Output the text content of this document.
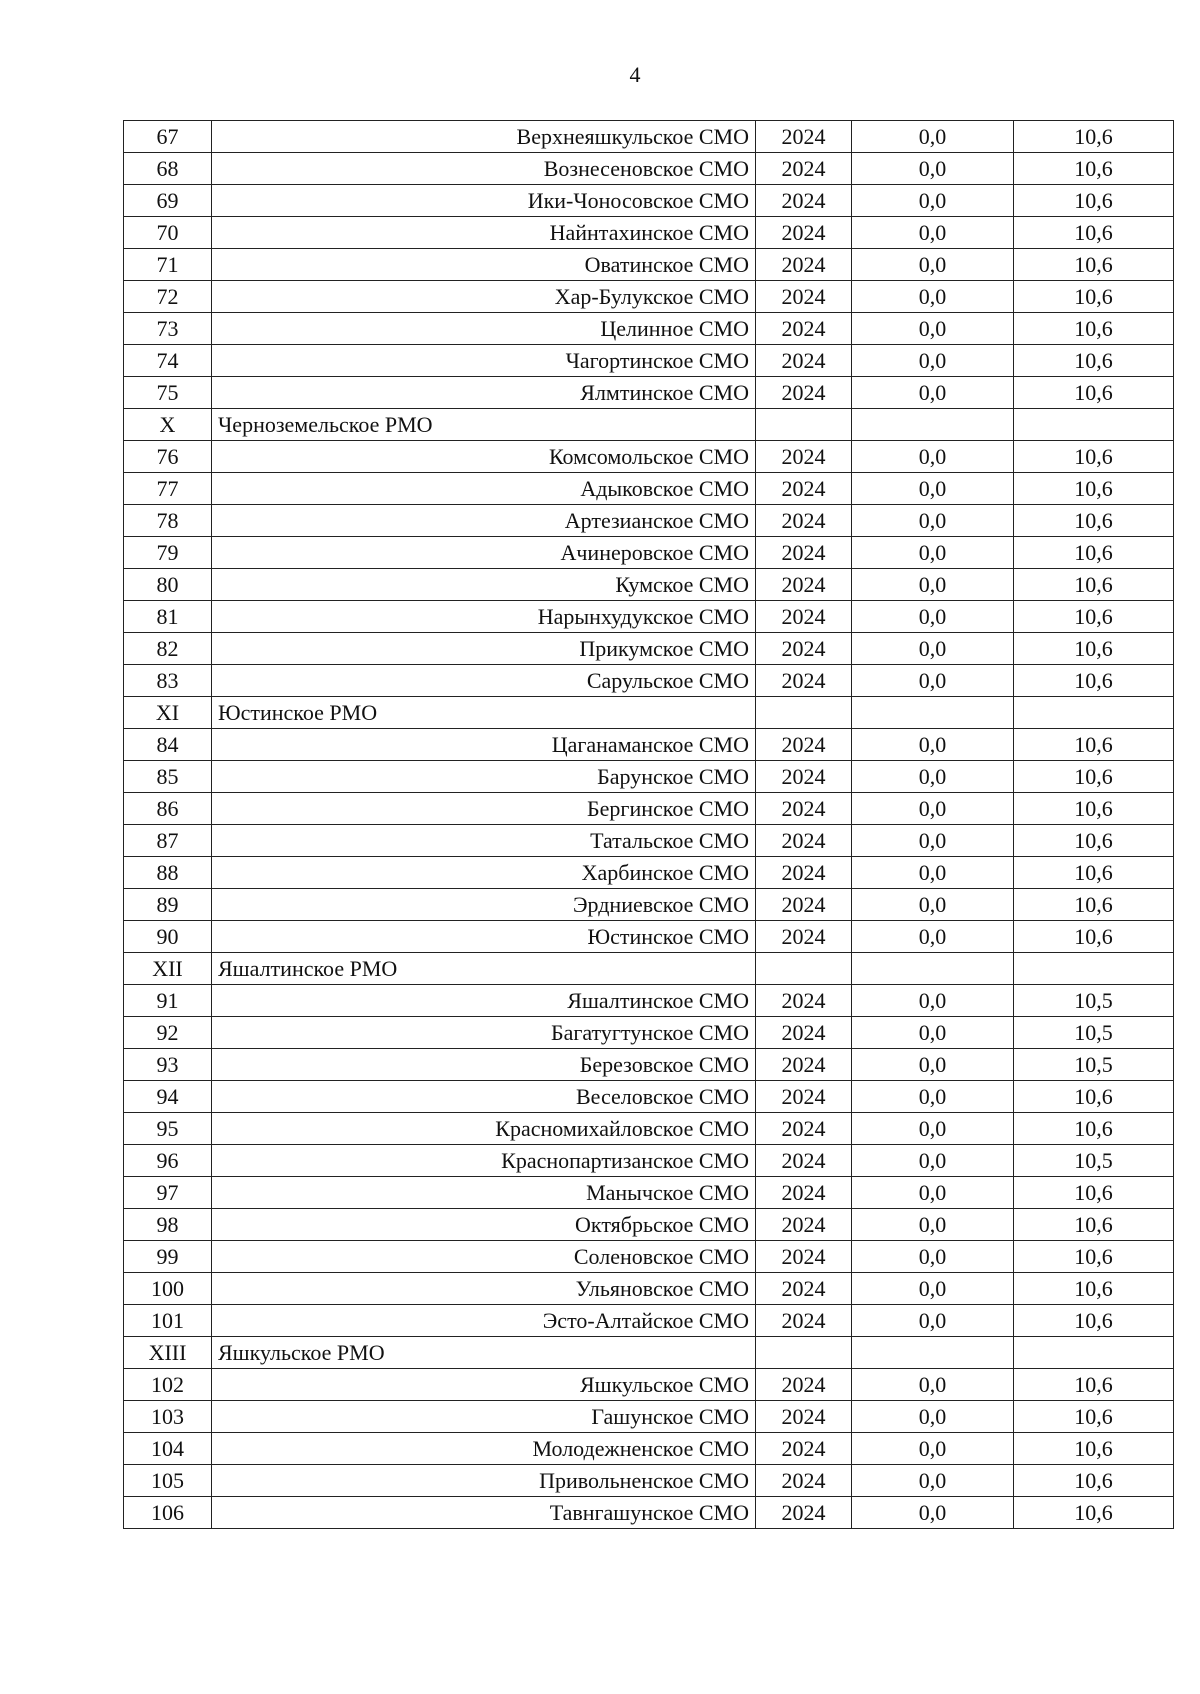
4
67	Верхнеяшкульское СМО	2024	0,0	10,6
68	Вознесеновское СМО	2024	0,0	10,6
69	Ики-Чоносовское СМО	2024	0,0	10,6
70	Найнтахинское СМО	2024	0,0	10,6
71	Оватинское СМО	2024	0,0	10,6
72	Хар-Булукское СМО	2024	0,0	10,6
73	Целинное СМО	2024	0,0	10,6
74	Чагортинское СМО	2024	0,0	10,6
75	Ялмтинское СМО	2024	0,0	10,6
X	Черноземельское РМО			
76	Комсомольское СМО	2024	0,0	10,6
77	Адыковское СМО	2024	0,0	10,6
78	Артезианское СМО	2024	0,0	10,6
79	Ачинеровское СМО	2024	0,0	10,6
80	Кумское СМО	2024	0,0	10,6
81	Нарынхудукское СМО	2024	0,0	10,6
82	Прикумское СМО	2024	0,0	10,6
83	Сарульское СМО	2024	0,0	10,6
XI	Юстинское РМО			
84	Цаганаманское СМО	2024	0,0	10,6
85	Барунское СМО	2024	0,0	10,6
86	Бергинское СМО	2024	0,0	10,6
87	Татальское СМО	2024	0,0	10,6
88	Харбинское СМО	2024	0,0	10,6
89	Эрдниевское СМО	2024	0,0	10,6
90	Юстинское СМО	2024	0,0	10,6
XII	Яшалтинское РМО			
91	Яшалтинское СМО	2024	0,0	10,5
92	Багатугтунское СМО	2024	0,0	10,5
93	Березовское СМО	2024	0,0	10,5
94	Веселовское СМО	2024	0,0	10,6
95	Красномихайловское СМО	2024	0,0	10,6
96	Краснопартизанское СМО	2024	0,0	10,5
97	Манычское СМО	2024	0,0	10,6
98	Октябрьское СМО	2024	0,0	10,6
99	Соленовское СМО	2024	0,0	10,6
100	Ульяновское СМО	2024	0,0	10,6
101	Эсто-Алтайское СМО	2024	0,0	10,6
XIII	Яшкульское РМО			
102	Яшкульское СМО	2024	0,0	10,6
103	Гашунское СМО	2024	0,0	10,6
104	Молодежненское СМО	2024	0,0	10,6
105	Привольненское СМО	2024	0,0	10,6
106	Тавнгашунское СМО	2024	0,0	10,6
